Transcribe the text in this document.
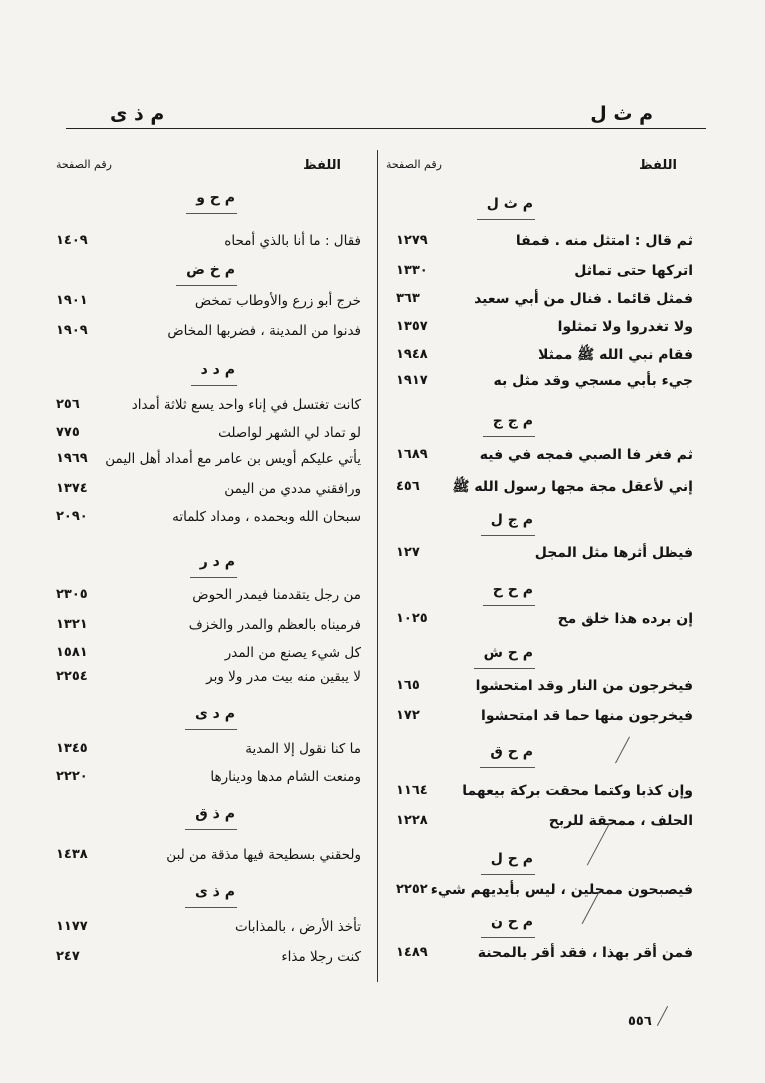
م ذ ى	م ث ل
اللفظ
رقم الصفحة
اللفظ
رقم الصفحة
م ث ل
ثم قال : امتثل منه . فمفا
١٢٧٩
اتركها حتى تماثل
١٣٣٠
فمثل قائما . فنال من أبي سعيد
٣٦٣
ولا تغدروا ولا تمثلوا
١٣٥٧
فقام نبي الله ﷺ ممثلا
١٩٤٨
جيء بأبي مسجي وقد مثل به
١٩١٧
م ج ج
ثم فغر فا الصبي فمجه في فيه
١٦٨٩
إني لأعقل مجة مجها رسول الله ﷺ
٤٥٦
م ج ل
فيظل أثرها مثل المجل
١٢٧
م ح ح
إن برده هذا خلق مح
١٠٢٥
م ح ش
فيخرجون من النار وقد امتحشوا
١٦٥
فيخرجون منها حما قد امتحشوا
١٧٢
م ح ق
وإن كذبا وكتما محقت بركة بيعهما
١١٦٤
الحلف ، ممحقة للربح
١٢٢٨
م ح ل
فيصبحون ممحلين ، ليس بأيديهم شيء
٢٢٥٢
م ح ن
فمن أقر بهذا ، فقد أقر بالمحنة
١٤٨٩
م ح و
فقال : ما أنا بالذي أمحاه
١٤٠٩
م خ ض
خرج أبو زرع والأوطاب تمخض
١٩٠١
فدنوا من المدينة ، فضربها المخاض
١٩٠٩
م د د
كانت تغتسل في إناء واحد يسع ثلاثة أمداد
٢٥٦
لو تماد لي الشهر لواصلت
٧٧٥
يأتي عليكم أويس بن عامر مع أمداد أهل اليمن
١٩٦٩
ورافقني مددي من اليمن
١٣٧٤
سبحان الله وبحمده ، ومداد كلماته
٢٠٩٠
م د ر
من رجل يتقدمنا فيمدر الحوض
٢٣٠٥
فرميناه بالعظم والمدر والخزف
١٣٢١
كل شيء يصنع من المدر
١٥٨١
لا يبقين منه بيت مدر ولا وبر
٢٢٥٤
م د ى
ما كنا نقول إلا المدية
١٣٤٥
ومنعت الشام مدها ودينارها
٢٢٢٠
م ذ ق
ولحقني بسطيحة فيها مذقة من لبن
١٤٣٨
م ذ ى
تأخذ الأرض ، بالمذابات
١١٧٧
كنت رجلا مذاء
٢٤٧
٥٥٦
